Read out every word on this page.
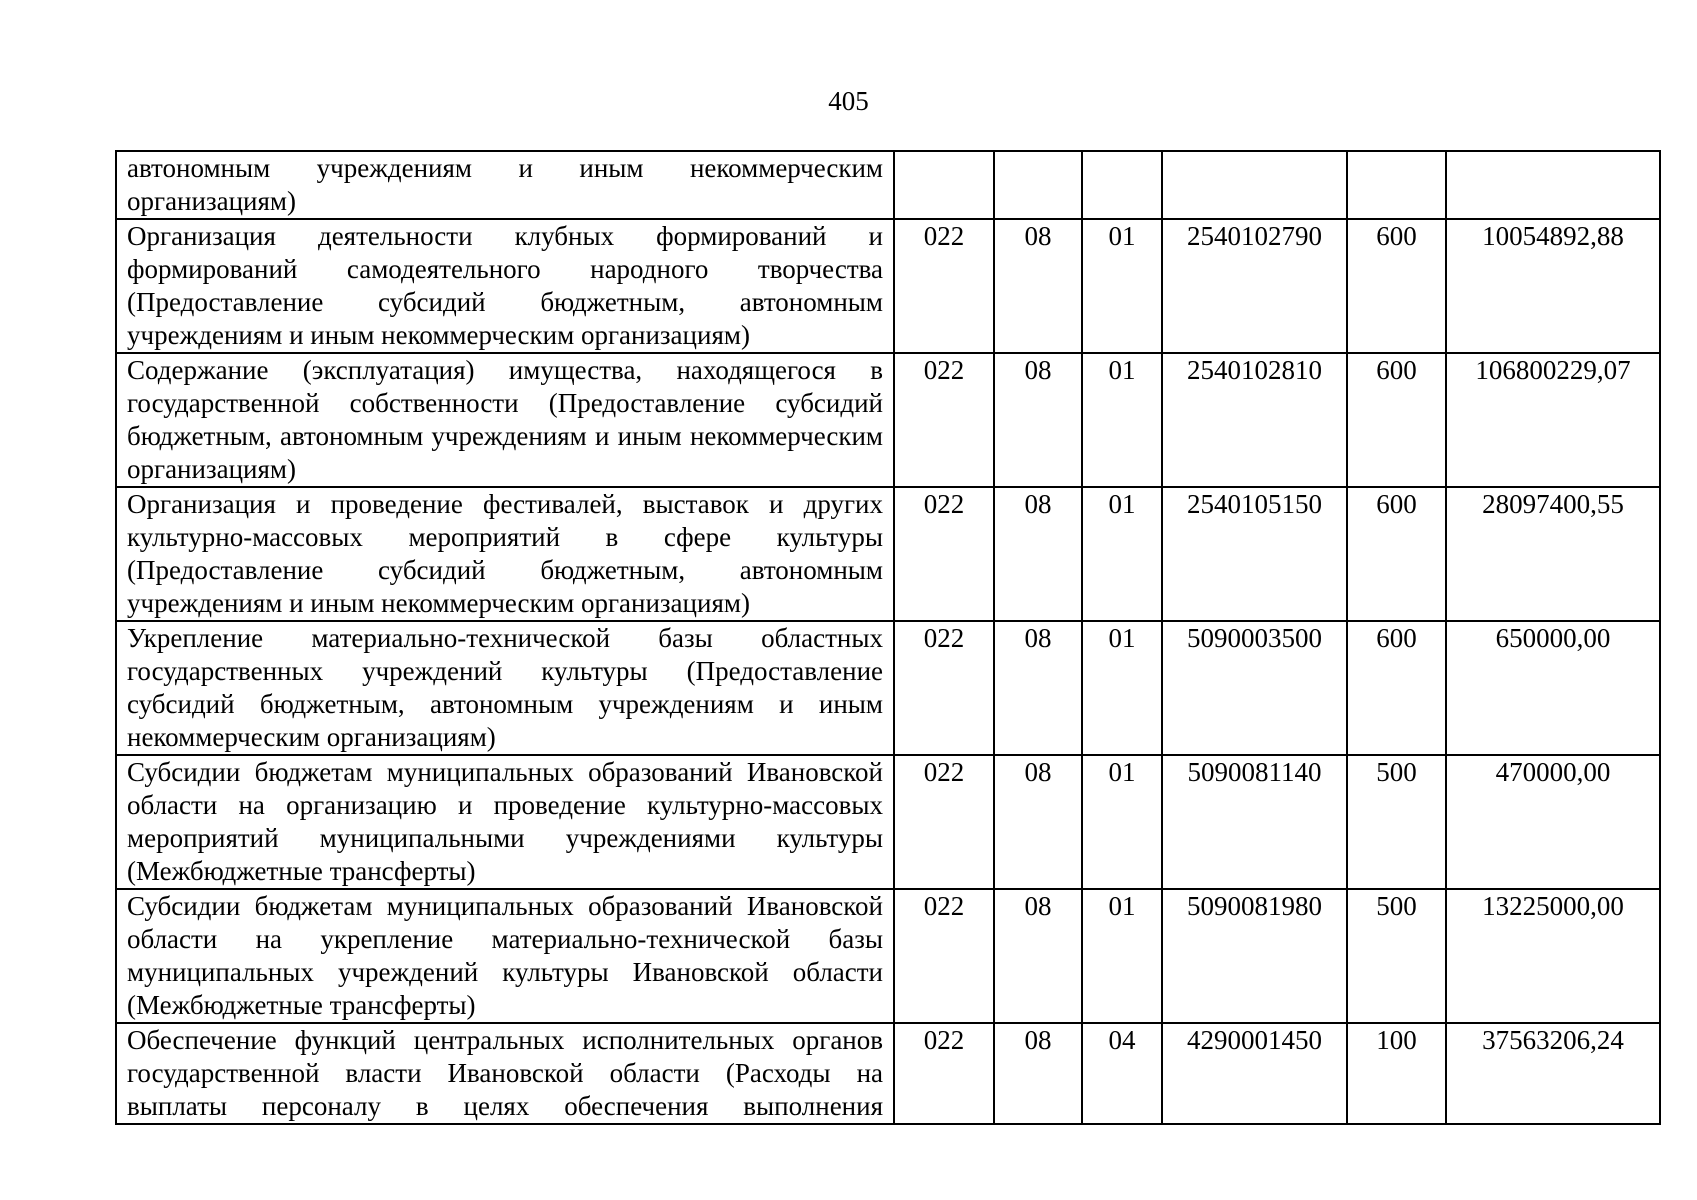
405
автономным учреждениям и иным некоммерческим
организациям)						
Организация деятельности клубных формирований и формирований самодеятельного народного творчества (Предоставление субсидий бюджетным, автономным учреждениям и иным некоммерческим организациям)	022	08	01	2540102790	600	10054892,88
Содержание (эксплуатация) имущества, находящегося в государственной собственности (Предоставление субсидий бюджетным, автономным учреждениям и иным некоммерческим организациям)	022	08	01	2540102810	600	106800229,07
Организация и проведение фестивалей, выставок и других культурно-массовых мероприятий в сфере культуры (Предоставление субсидий бюджетным, автономным учреждениям и иным некоммерческим организациям)	022	08	01	2540105150	600	28097400,55
Укрепление материально-технической базы областных государственных учреждений культуры (Предоставление субсидий бюджетным, автономным учреждениям и иным некоммерческим организациям)	022	08	01	5090003500	600	650000,00
Субсидии бюджетам муниципальных образований Ивановской области на организацию и проведение культурно-массовых мероприятий муниципальными учреждениями культуры (Межбюджетные трансферты)	022	08	01	5090081140	500	470000,00
Субсидии бюджетам муниципальных образований Ивановской области на укрепление материально-технической базы муниципальных учреждений культуры Ивановской области (Межбюджетные трансферты)	022	08	01	5090081980	500	13225000,00
Обеспечение функций центральных исполнительных органов государственной власти Ивановской области (Расходы на выплаты персоналу в целях обеспечения выполнения	022	08	04	4290001450	100	37563206,24
